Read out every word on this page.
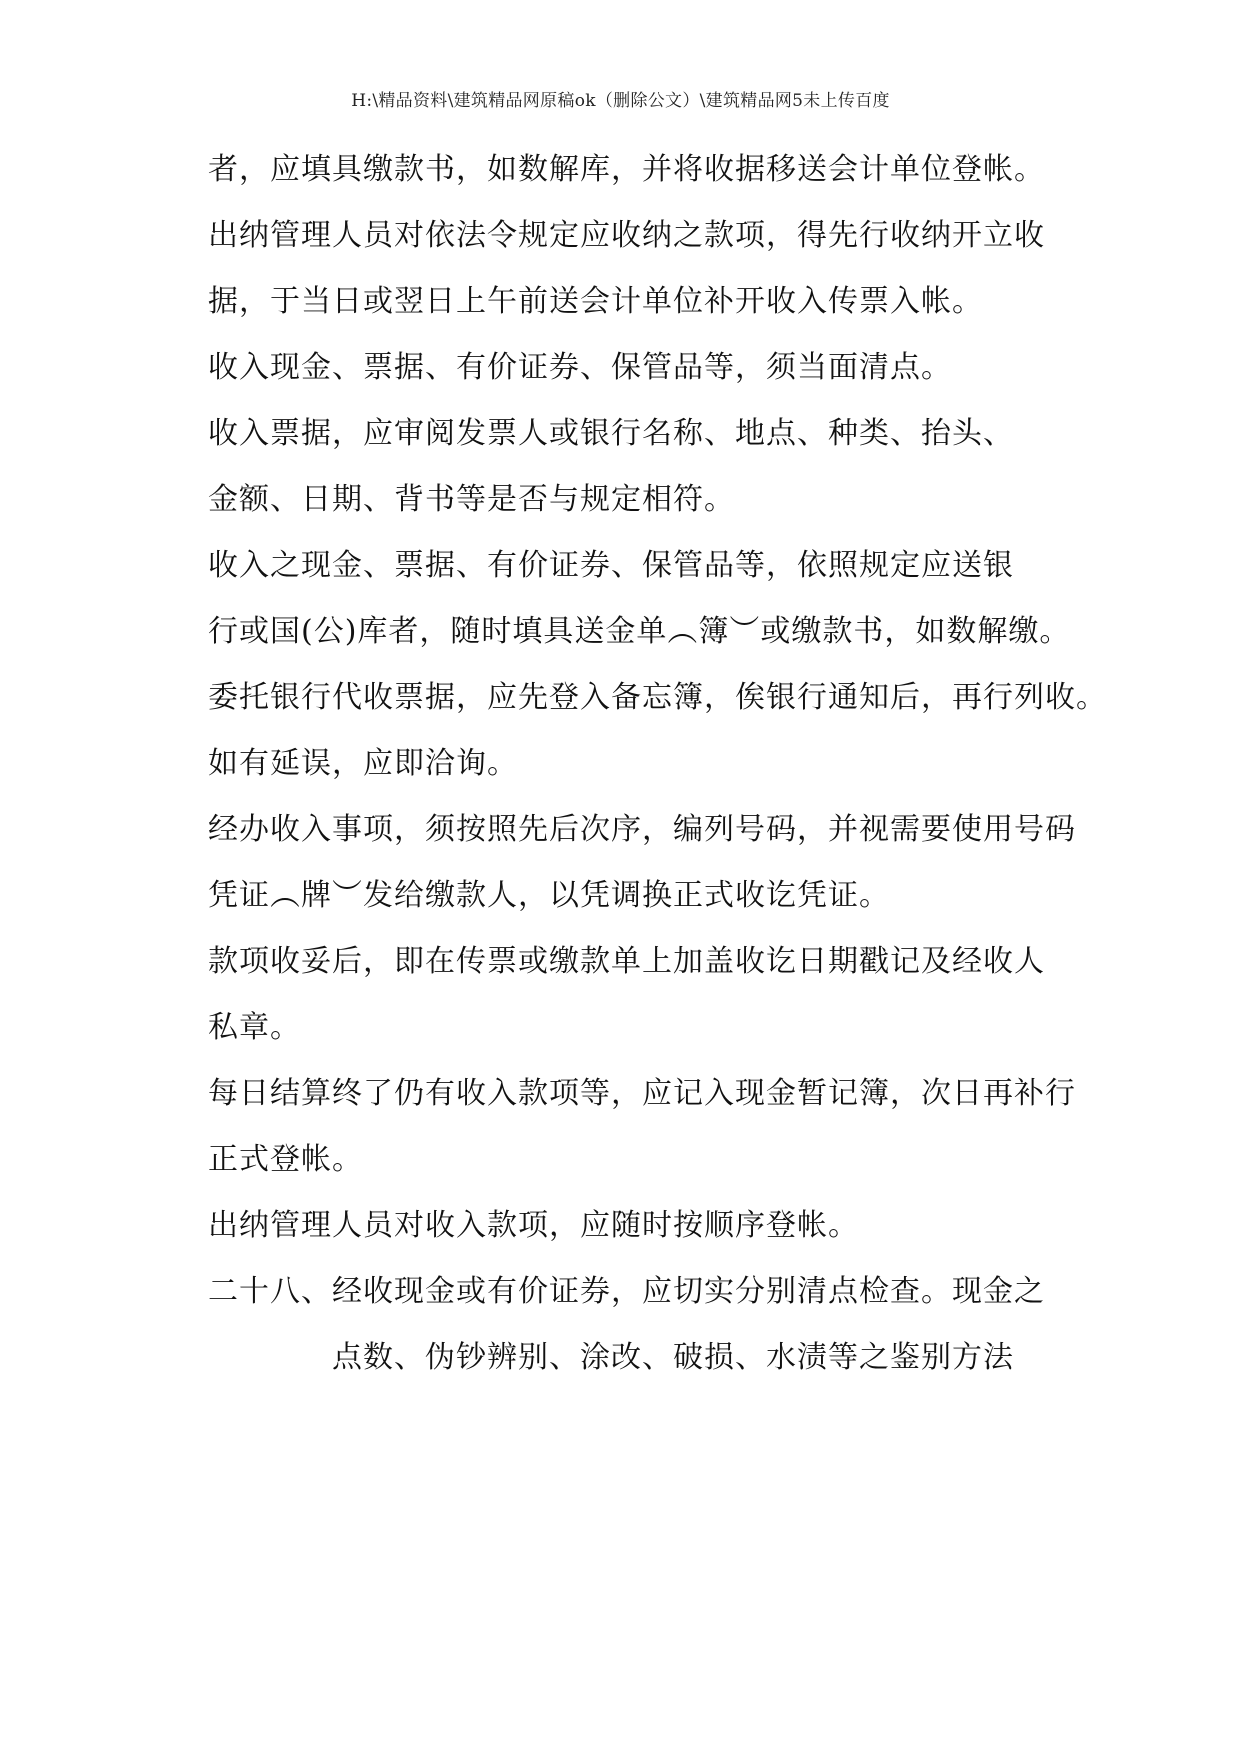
H:\精品资料\建筑精品网原稿ok（删除公文）\建筑精品网5未上传百度
者，应填具缴款书，如数解库，并将收据移送会计单位登帐。
出纳管理人员对依法令规定应收纳之款项，得先行收纳开立收
据，于当日或翌日上午前送会计单位补开收入传票入帐。
收入现金、票据、有价证券、保管品等，须当面清点。
收入票据，应审阅发票人或银行名称、地点、种类、抬头、
金额、日期、背书等是否与规定相符。
收入之现金、票据、有价证券、保管品等，依照规定应送银
行或国(公)库者，随时填具送金单︵簿︶或缴款书，如数解缴。
委托银行代收票据，应先登入备忘簿，俟银行通知后，再行列收。
如有延误，应即洽询。
经办收入事项，须按照先后次序，编列号码，并视需要使用号码
凭证︵牌︶发给缴款人，以凭调换正式收讫凭证。
款项收妥后，即在传票或缴款单上加盖收讫日期戳记及经收人
私章。
每日结算终了仍有收入款项等，应记入现金暂记簿，次日再补行
正式登帐。
出纳管理人员对收入款项，应随时按顺序登帐。
二十八、经收现金或有价证券，应切实分别清点检查。现金之
点数、伪钞辨别、涂改、破损、水渍等之鉴别方法
